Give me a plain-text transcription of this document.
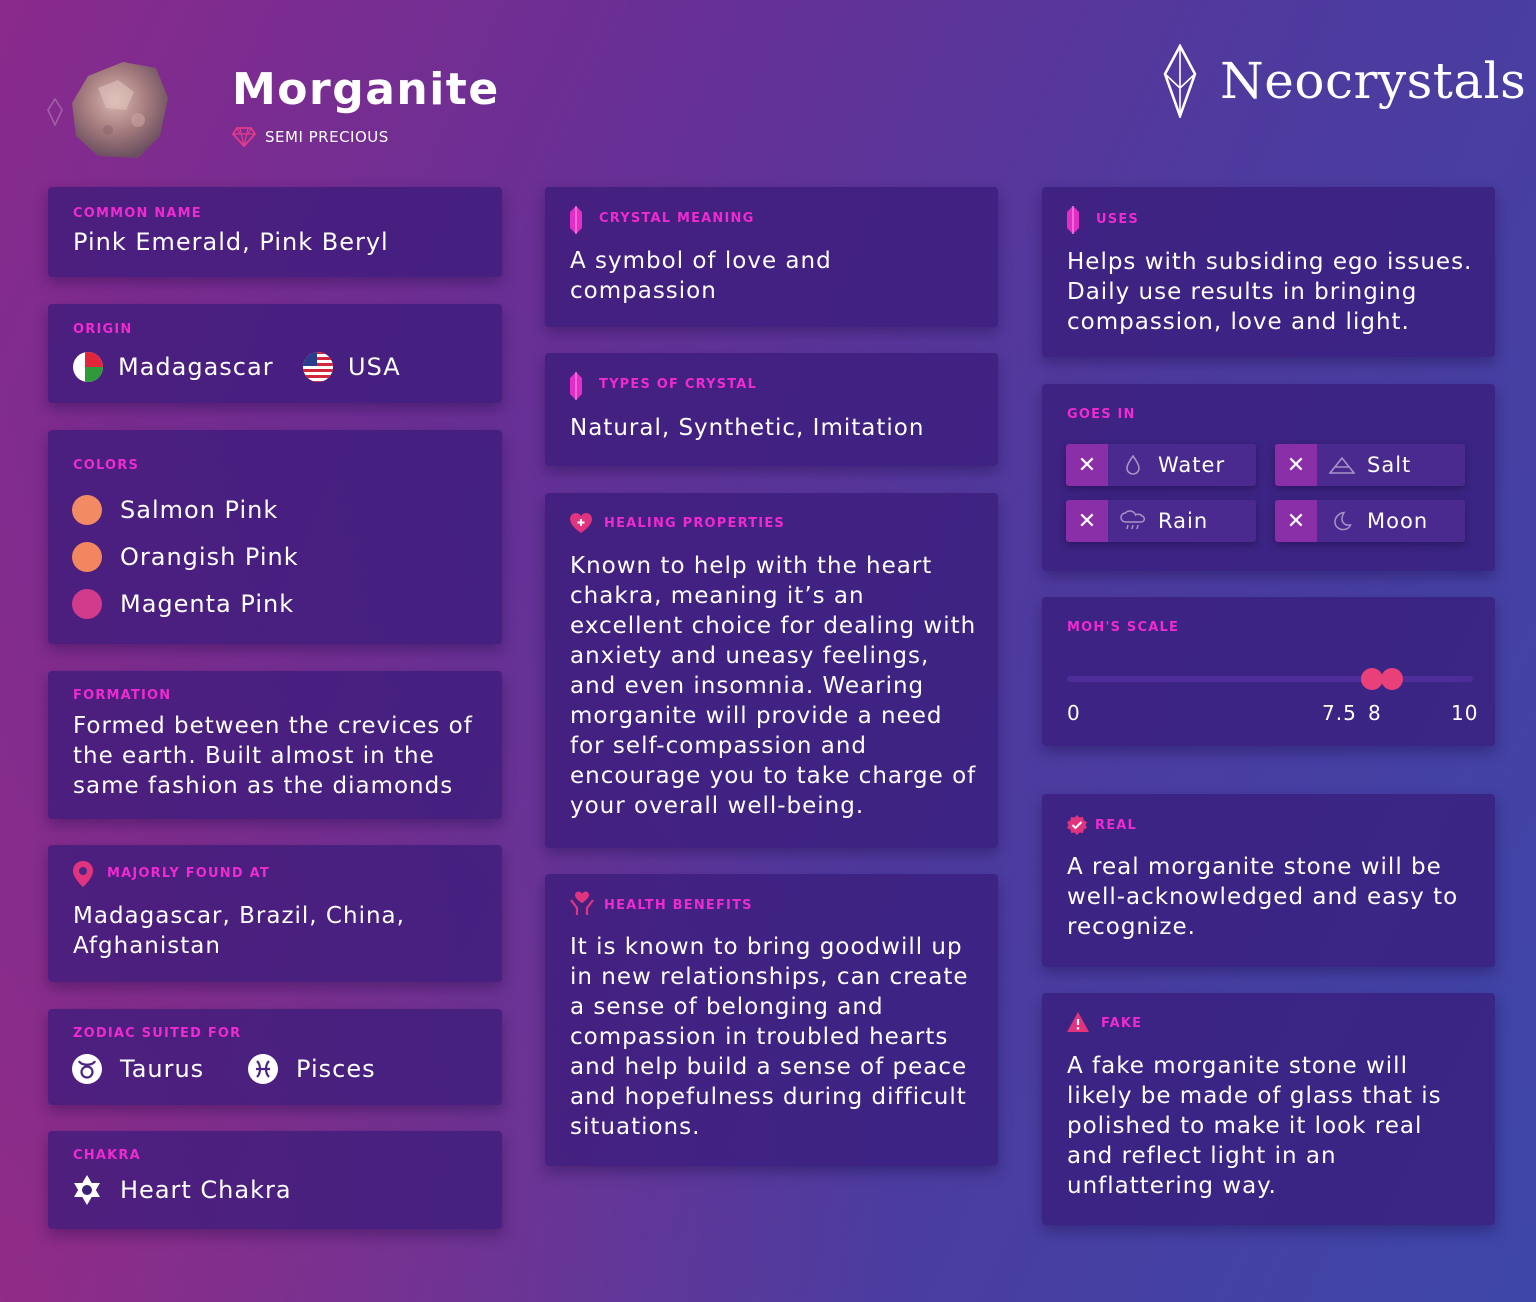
Morganite
SEMI PRECIOUS
Neocrystals
COMMON NAME
Pink Emerald, Pink Beryl
ORIGIN
Madagascar	USA
COLORS
Salmon Pink
Orangish Pink
Magenta Pink
FORMATION
Formed between the crevices of the earth. Built almost in the same fashion as the diamonds
MAJORLY FOUND AT
Madagascar, Brazil, China, Afghanistan
ZODIAC SUITED FOR
Taurus	Pisces
CHAKRA
Heart Chakra
CRYSTAL MEANING
A symbol of love and compassion
TYPES OF CRYSTAL
Natural, Synthetic, Imitation
HEALING PROPERTIES
Known to help with the heart chakra, meaning it’s an excellent choice for dealing with anxiety and uneasy feelings, and even insomnia. Wearing morganite will provide a need for self-compassion and encourage you to take charge of your overall well-being.
HEALTH BENEFITS
It is known to bring goodwill up in new relationships, can create a sense of belonging and compassion in troubled hearts and help build a sense of peace and hopefulness during difficult situations.
USES
Helps with subsiding ego issues. Daily use results in bringing compassion, love and light.
GOES IN
✕	Water	✕	Salt
✕	Rain	✕	Moon
MOH'S SCALE
0	7.5 8	10
REAL
A real morganite stone will be well-acknowledged and easy to recognize.
FAKE
A fake morganite stone will likely be made of glass that is polished to make it look real and reflect light in an unflattering way.
